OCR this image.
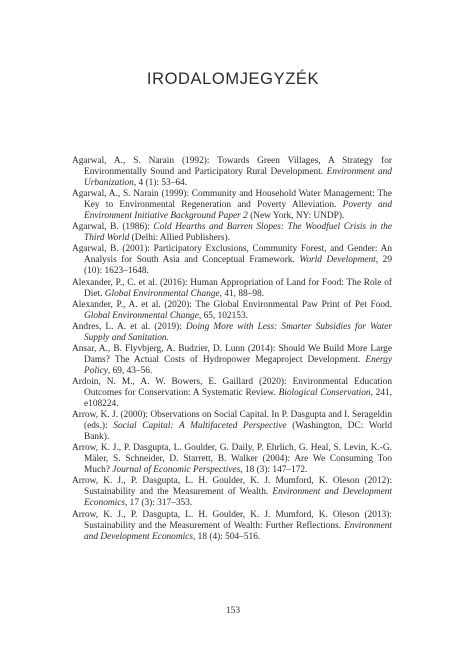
IRODALOMJEGYZÉK

Agarwal, A., S. Narain (1992): Towards Green Villages, A Strategy for Environmentally Sound and Participatory Rural Development. Environment and Urbanization, 4 (1): 53–64.

Agarwal, A., S. Narain (1999): Community and Household Water Management: The Key to Environmental Regeneration and Poverty Alleviation. Poverty and Environment Initiative Background Paper 2 (New York, NY: UNDP).

Agarwal, B. (1986): Cold Hearths and Barren Slopes: The Woodfuel Crisis in the Third World (Delhi: Allied Publishers).

Agarwal, B. (2001): Participatory Exclusions, Community Forest, and Gender: An Analysis for South Asia and Conceptual Framework. World Development, 29 (10): 1623–1648.

Alexander, P., C. et al. (2016): Human Appropriation of Land for Food: The Role of Diet. Global Environmental Change, 41, 88–98.

Alexander, P., A. et al. (2020): The Global Environmental Paw Print of Pet Food. Global Environmental Change, 65, 102153.

Andres, L. A. et al. (2019): Doing More with Less: Smarter Subsidies for Water Supply and Sanitation.

Ansar, A., B. Flyvbjerg, A. Budzier, D. Lunn (2014): Should We Build More Large Dams? The Actual Costs of Hydropower Megaproject Development. Energy Policy, 69, 43–56.

Ardoin, N. M., A. W. Bowers, E. Gaillard (2020): Environmental Education Outcomes for Conservation: A Systematic Review. Biological Conservation, 241, e108224.

Arrow, K. J. (2000): Observations on Social Capital. In P. Dasgupta and I. Serageldin (eds.): Social Capital: A Multifaceted Perspective (Washington, DC: World Bank).

Arrow, K. J., P. Dasgupta, L. Goulder, G. Daily, P. Ehrlich, G. Heal, S. Levin, K.-G. Mäler, S. Schneider, D. Starrett, B. Walker (2004): Are We Consuming Too Much? Journal of Economic Perspectives, 18 (3): 147–172.

Arrow, K. J., P. Dasgupta, L. H. Goulder, K. J. Mumford, K. Oleson (2012): Sustainability and the Measurement of Wealth. Environment and Development Economics, 17 (3): 317–353.

Arrow, K. J., P. Dasgupta, L. H. Goulder, K. J. Mumford, K. Oleson (2013): Sustainability and the Measurement of Wealth: Further Reflections. Environment and Development Economics, 18 (4): 504–516.

153
